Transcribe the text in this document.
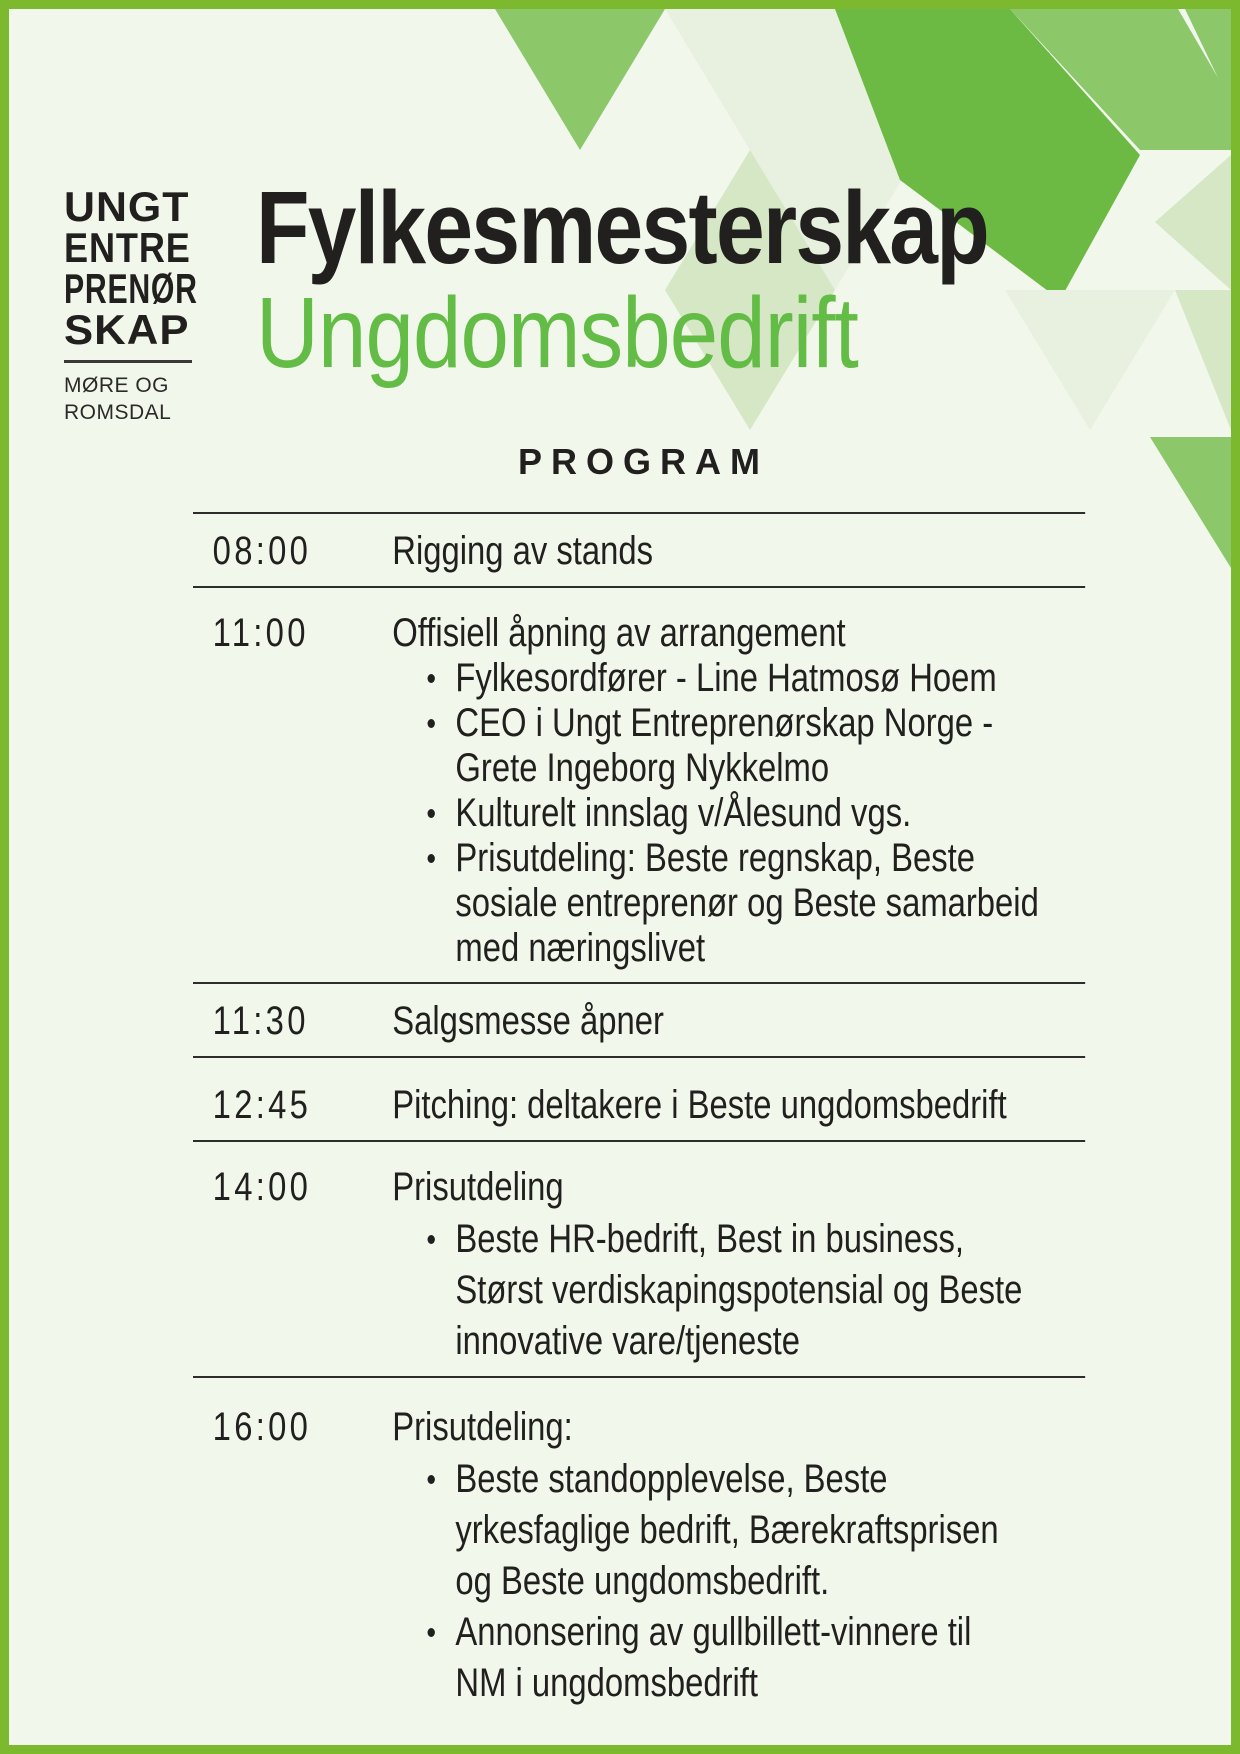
UNGT
ENTRE
PRENØR
SKAP
MØRE OG
ROMSDAL
Fylkesmesterskap
Ungdomsbedrift
PROGRAM
08:00	Rigging av stands
11:00	Offisiell åpning av arrangement
Fylkesordfører - Line Hatmosø Hoem
CEO i Ungt Entreprenørskap Norge -
Grete Ingeborg Nykkelmo
Kulturelt innslag v/Ålesund vgs.
Prisutdeling: Beste regnskap, Beste
sosiale entreprenør og Beste samarbeid
med næringslivet
11:30	Salgsmesse åpner
12:45	Pitching: deltakere i Beste ungdomsbedrift
14:00	Prisutdeling
Beste HR-bedrift, Best in business,
Størst verdiskapingspotensial og Beste
innovative vare/tjeneste
16:00	Prisutdeling:
Beste standopplevelse, Beste
yrkesfaglige bedrift, Bærekraftsprisen
og Beste ungdomsbedrift.
Annonsering av gullbillett-vinnere til
NM i ungdomsbedrift
